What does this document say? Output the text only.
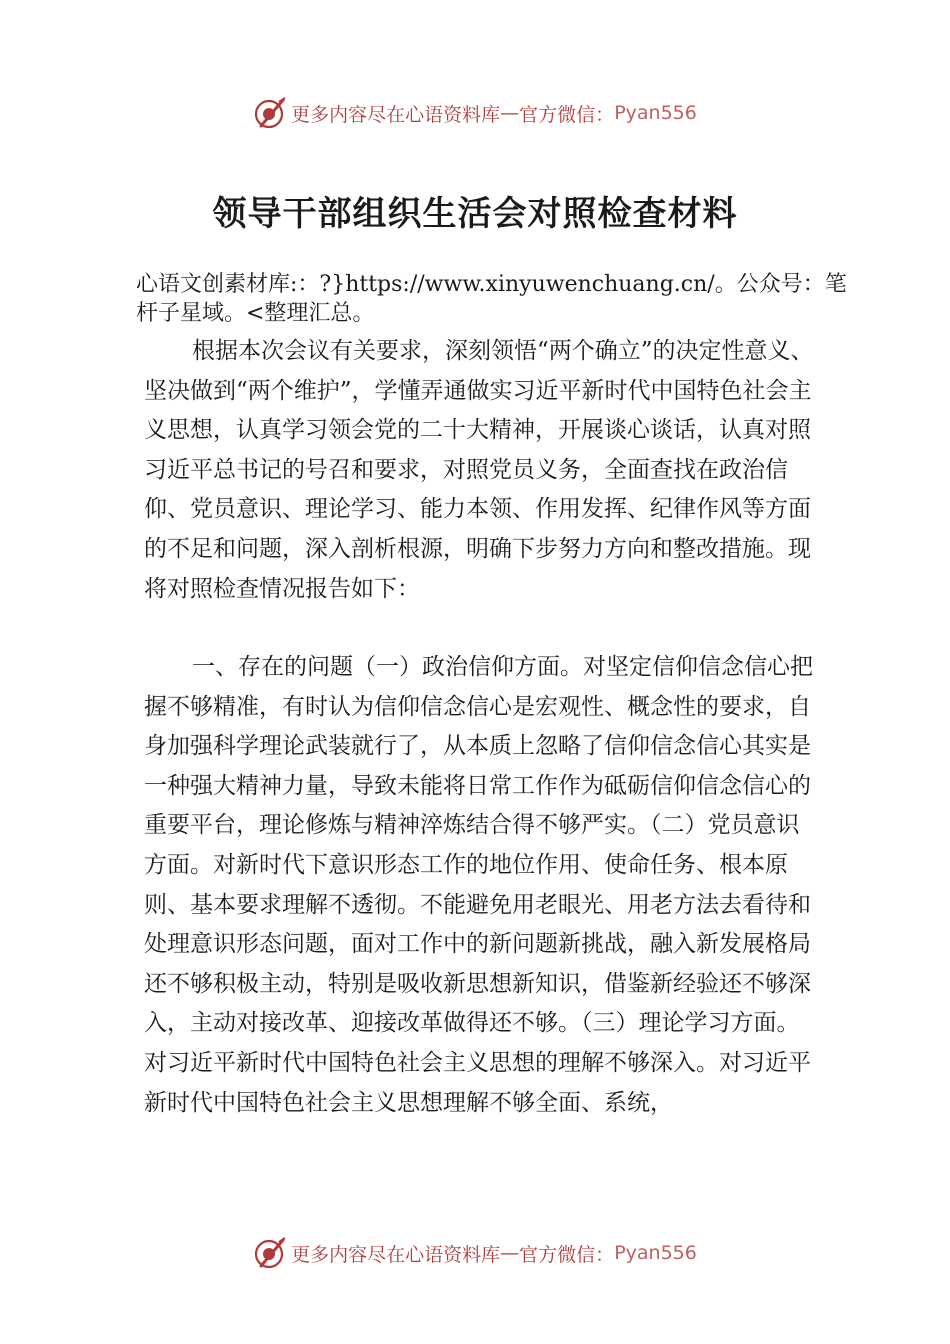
更多内容尽在心语资料库 — 官方微信： Pyan556
领导干部组织生活会对照检查材料
心语文创素材库:：?}https://www.xinyuwenchuang.cn/。公众号：笔杆子星域。<整理汇总。
根据本次会议有关要求，深刻领悟“两个确立”的决定性意义、坚决做到“两个维护”，学懂弄通做实习近平新时代中国特色社会主义思想，认真学习领会党的二十大精神，开展谈心谈话，认真对照习近平总书记的号召和要求，对照党员义务，全面查找在政治信仰、党员意识、理论学习、能力本领、作用发挥、纪律作风等方面的不足和问题，深入剖析根源，明确下步努力方向和整改措施。现将对照检查情况报告如下：
一、存在的问题（一）政治信仰方面。对坚定信仰信念信心把握不够精准，有时认为信仰信念信心是宏观性、概念性的要求，自身加强科学理论武装就行了，从本质上忽略了信仰信念信心其实是一种强大精神力量，导致未能将日常工作作为砥砺信仰信念信心的重要平台，理论修炼与精神淬炼结合得不够严实。（二）党员意识方面。对新时代下意识形态工作的地位作用、使命任务、根本原则、基本要求理解不透彻。不能避免用老眼光、用老方法去看待和处理意识形态问题，面对工作中的新问题新挑战，融入新发展格局还不够积极主动，特别是吸收新思想新知识，借鉴新经验还不够深入，主动对接改革、迎接改革做得还不够。（三）理论学习方面。对习近平新时代中国特色社会主义思想的理解不够深入。对习近平新时代中国特色社会主义思想理解不够全面、系统，
更多内容尽在心语资料库 — 官方微信： Pyan556
